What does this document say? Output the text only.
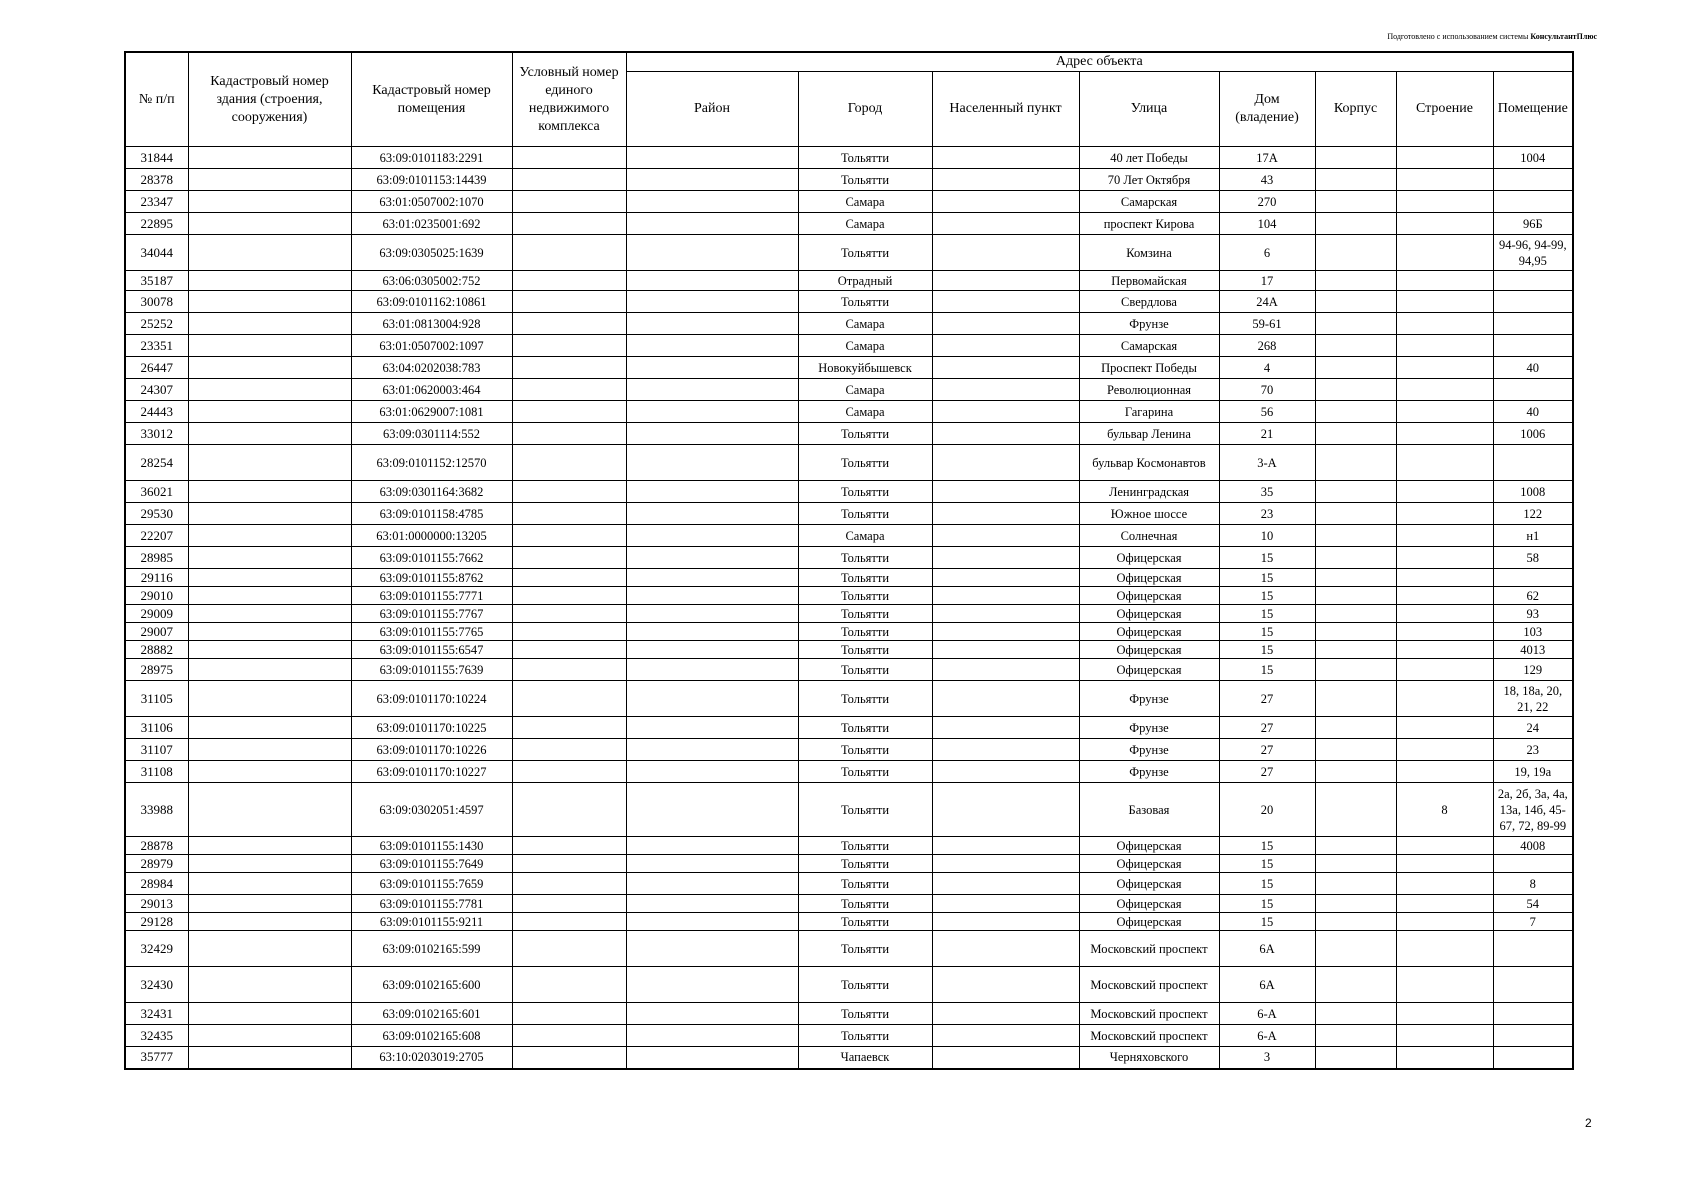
Подготовлено с использованием системы КонсультантПлюс
№ п/п	Кадастровый номер здания (строения, сооружения)	Кадастровый номер помещения	Условный номер единого недвижимого комплекса	Адрес объекта							
				Район	Город	Населенный пункт	Улица	Дом (владение)	Корпус	Строение	Помещение
31844		63:09:0101183:2291			Тольятти		40 лет Победы	17А			1004
28378		63:09:0101153:14439			Тольятти		70 Лет Октября	43			
23347		63:01:0507002:1070			Самара		Самарская	270			
22895		63:01:0235001:692			Самара		проспект Кирова	104			96Б
34044		63:09:0305025:1639			Тольятти		Комзина	6			94-96, 94-99, 94,95
35187		63:06:0305002:752			Отрадный		Первомайская	17			
30078		63:09:0101162:10861			Тольятти		Свердлова	24А			
25252		63:01:0813004:928			Самара		Фрунзе	59-61			
23351		63:01:0507002:1097			Самара		Самарская	268			
26447		63:04:0202038:783			Новокуйбышевск		Проспект Победы	4			40
24307		63:01:0620003:464			Самара		Революционная	70			
24443		63:01:0629007:1081			Самара		Гагарина	56			40
33012		63:09:0301114:552			Тольятти		бульвар Ленина	21			1006
28254		63:09:0101152:12570			Тольятти		бульвар Космонавтов	3-А			
36021		63:09:0301164:3682			Тольятти		Ленинградская	35			1008
29530		63:09:0101158:4785			Тольятти		Южное шоссе	23			122
22207		63:01:0000000:13205			Самара		Солнечная	10			н1
28985		63:09:0101155:7662			Тольятти		Офицерская	15			58
29116		63:09:0101155:8762			Тольятти		Офицерская	15			
29010		63:09:0101155:7771			Тольятти		Офицерская	15			62
29009		63:09:0101155:7767			Тольятти		Офицерская	15			93
29007		63:09:0101155:7765			Тольятти		Офицерская	15			103
28882		63:09:0101155:6547			Тольятти		Офицерская	15			4013
28975		63:09:0101155:7639			Тольятти		Офицерская	15			129
31105		63:09:0101170:10224			Тольятти		Фрунзе	27			18, 18а, 20, 21, 22
31106		63:09:0101170:10225			Тольятти		Фрунзе	27			24
31107		63:09:0101170:10226			Тольятти		Фрунзе	27			23
31108		63:09:0101170:10227			Тольятти		Фрунзе	27			19, 19а
33988		63:09:0302051:4597			Тольятти		Базовая	20		8	2а, 2б, 3а, 4а, 13а, 14б, 45-67, 72, 89-99
28878		63:09:0101155:1430			Тольятти		Офицерская	15			4008
28979		63:09:0101155:7649			Тольятти		Офицерская	15			
28984		63:09:0101155:7659			Тольятти		Офицерская	15			8
29013		63:09:0101155:7781			Тольятти		Офицерская	15			54
29128		63:09:0101155:9211			Тольятти		Офицерская	15			7
32429		63:09:0102165:599			Тольятти		Московский проспект	6А			
32430		63:09:0102165:600			Тольятти		Московский проспект	6А			
32431		63:09:0102165:601			Тольятти		Московский проспект	6-А			
32435		63:09:0102165:608			Тольятти		Московский проспект	6-А			
35777		63:10:0203019:2705			Чапаевск		Черняховского	3			
2
